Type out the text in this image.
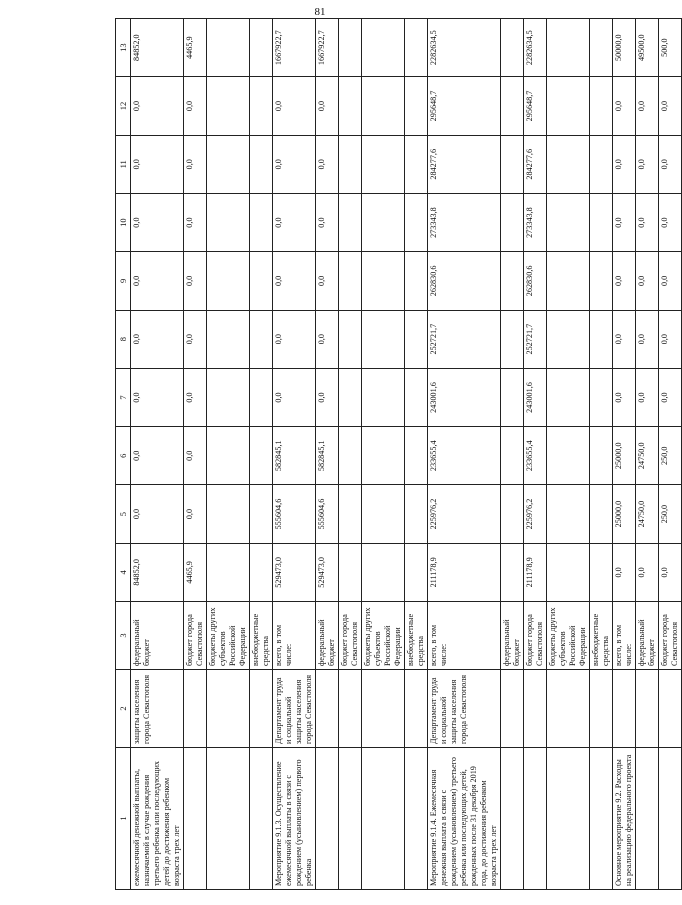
81
1	2	3	4	5	6	7	8	9	10	11	12	13
ежемесячной денежной выплаты, назначаемой в случае рождения третьего ребенка или последующих детей до достижения ребенком возраста трех лет	защиты населения города Севастополя	федеральный бюджет	84852,0	0,0	0,0	0,0	0,0	0,0	0,0	0,0	0,0	84852,0
		бюджет города Севастополя	4465,9	0,0	0,0	0,0	0,0	0,0	0,0	0,0	0,0	4465,9
		бюджеты других субъектов Российской Федерации										
		внебюджетные средства										
Мероприятие 9.1.3. Осуществление ежемесячной выплаты в связи с рождением (усыновлением) первого ребенка	Департамент труда и социальной защиты населения города Севастополя	всего, в том числе:	529473,0	555604,6	582845,1	0,0	0,0	0,0	0,0	0,0	0,0	1667922,7
		федеральный бюджет	529473,0	555604,6	582845,1	0,0	0,0	0,0	0,0	0,0	0,0	1667922,7
		бюджет города Севастополя										
		бюджеты других субъектов Российской Федерации										
		внебюджетные средства										
Мероприятие 9.1.4. Ежемесячная денежная выплата в связи с рождением (усыновлением) третьего ребенка или последующих детей, рожденных после 31 декабря 2019 года, до достижения ребенком возраста трех лет	Департамент труда и социальной защиты населения города Севастополя	всего, в том числе:	211178,9	225976,2	233655,4	243001,6	252721,7	262830,6	273343,8	284277,6	295648,7	2282634,5
		федеральный бюджет										
		бюджет города Севастополя	211178,9	225976,2	233655,4	243001,6	252721,7	262830,6	273343,8	284277,6	295648,7	2282634,5
		бюджеты других субъектов Российской Федерации										
		внебюджетные средства										
Основное мероприятие 9.2. Расходы на реализацию федерального проекта		всего, в том числе:	0,0	25000,0	25000,0	0,0	0,0	0,0	0,0	0,0	0,0	50000,0
		федеральный бюджет	0,0	24750,0	24750,0	0,0	0,0	0,0	0,0	0,0	0,0	49500,0
		бюджет города Севастополя	0,0	250,0	250,0	0,0	0,0	0,0	0,0	0,0	0,0	500,0
